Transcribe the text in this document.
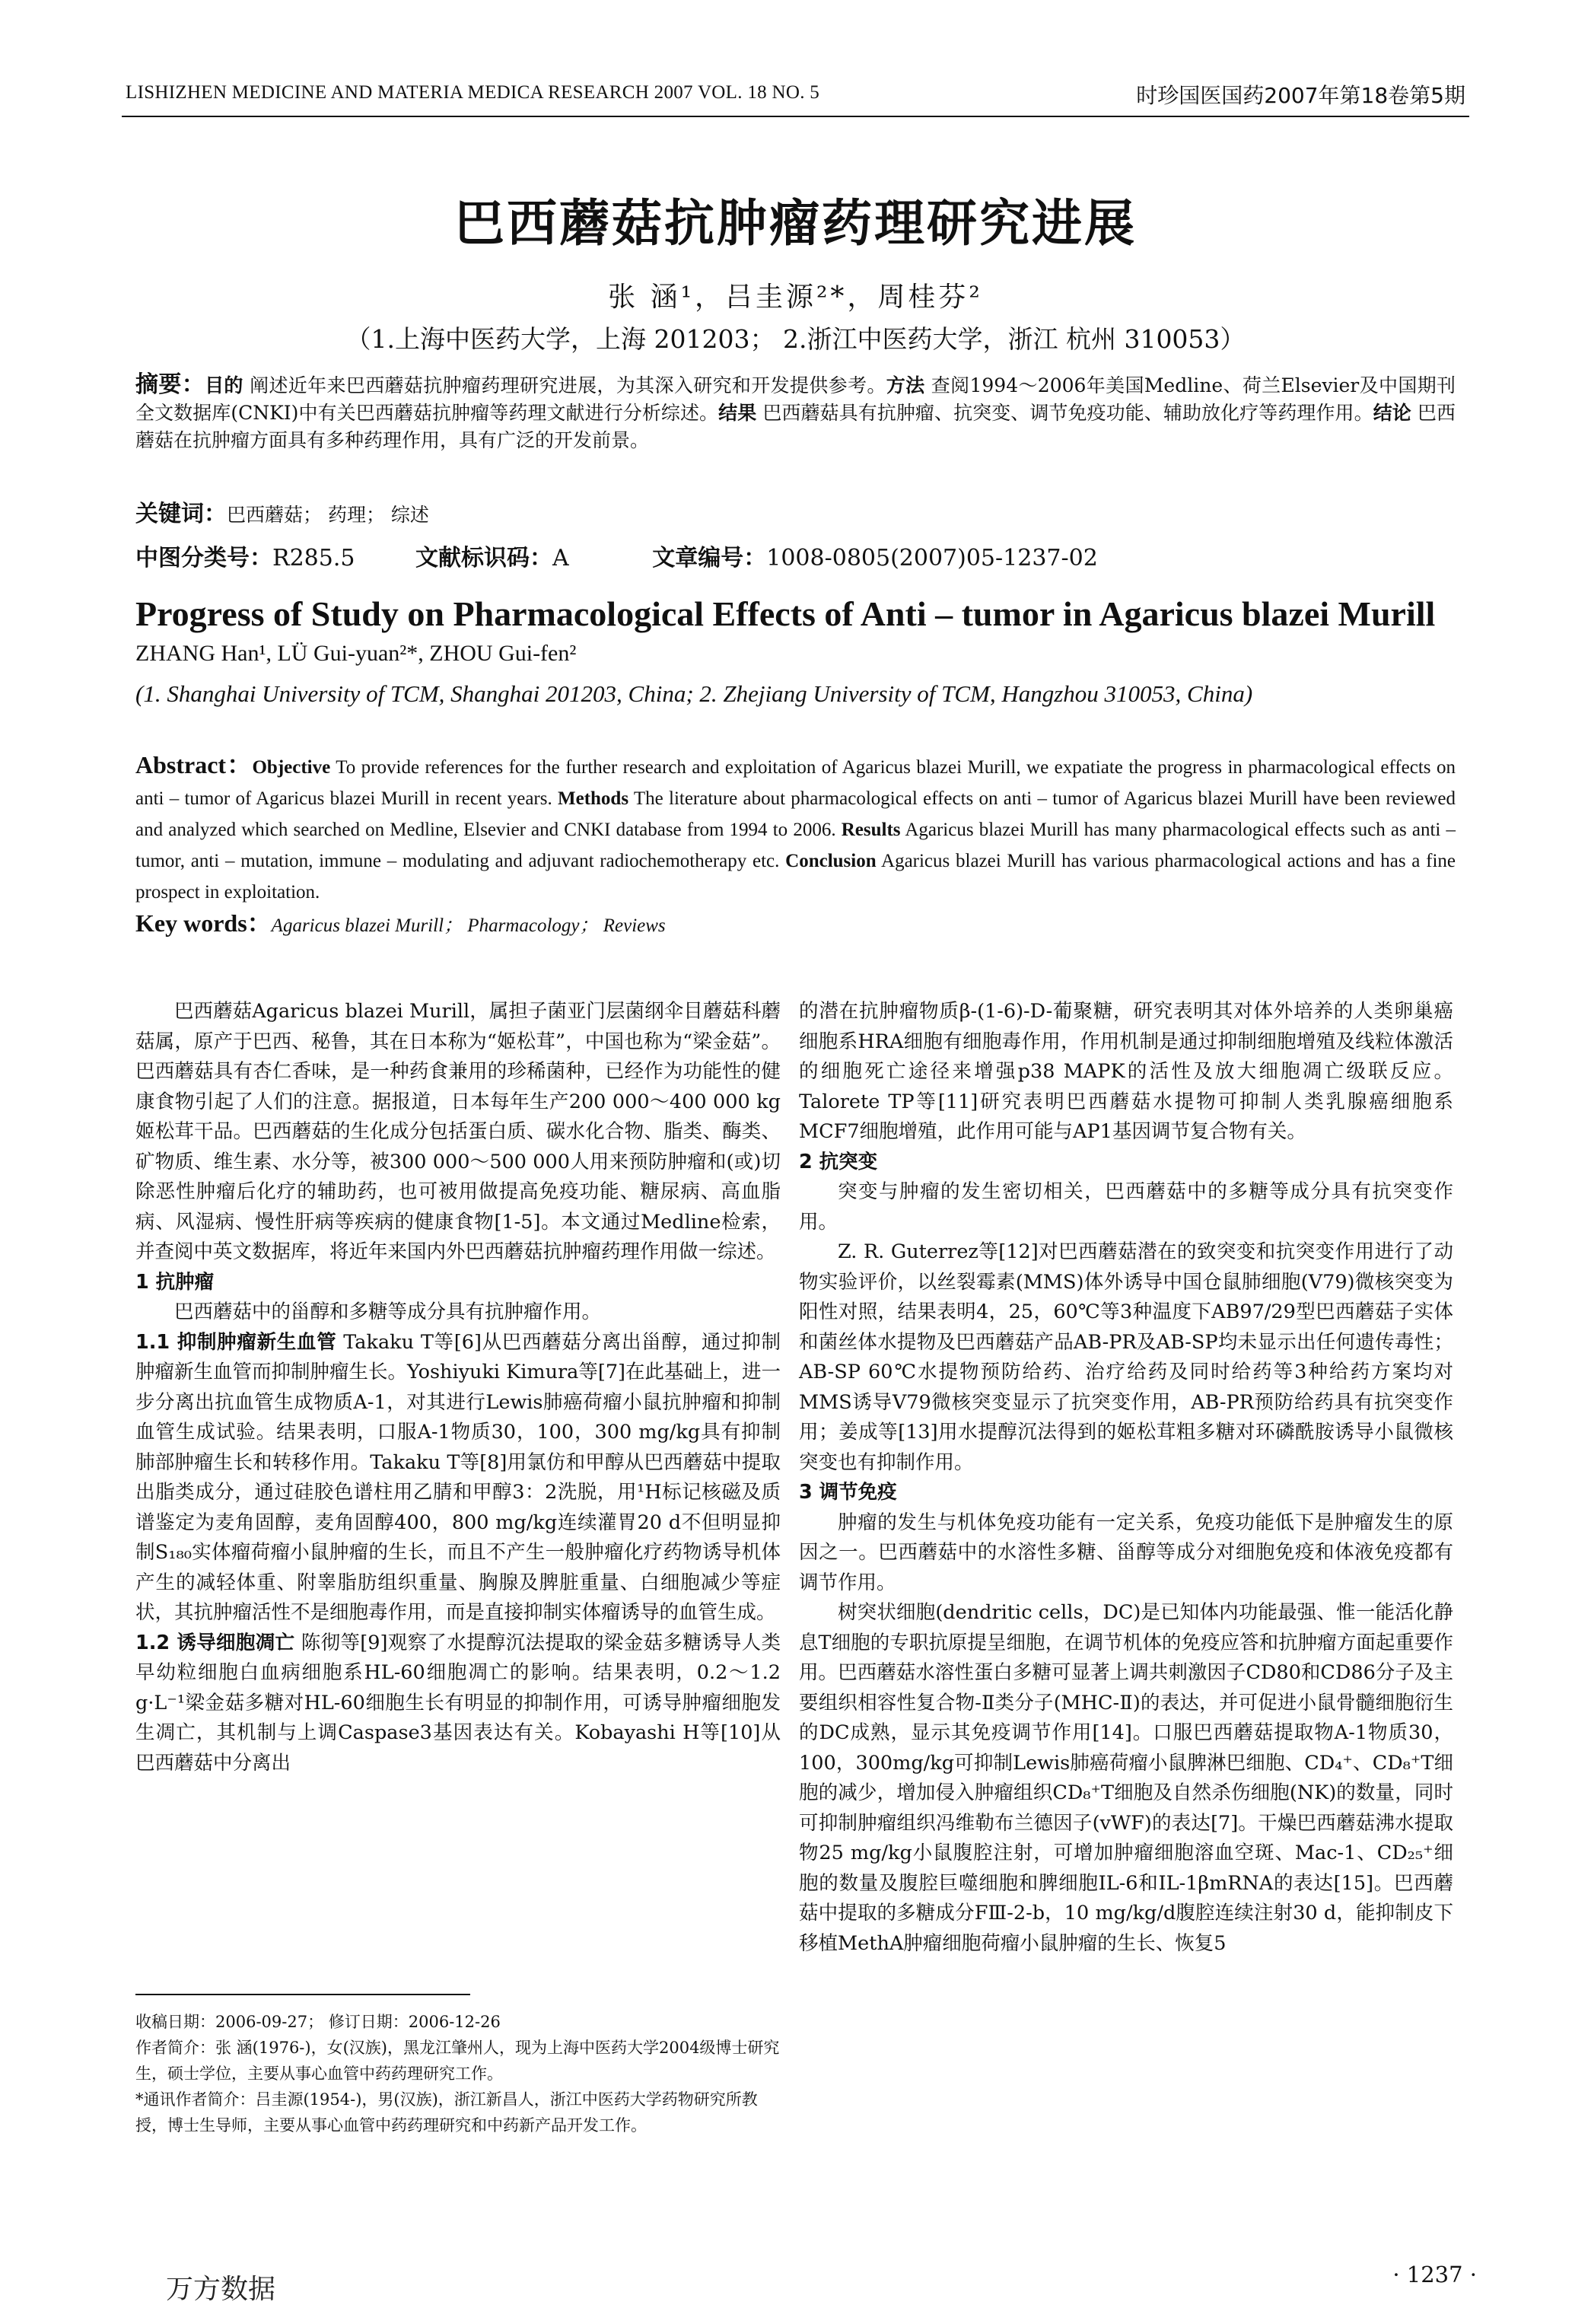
LISHIZHEN MEDICINE AND MATERIA MEDICA RESEARCH 2007 VOL. 18 NO. 5	时珍国医国药2007年第18卷第5期
巴西蘑菇抗肿瘤药理研究进展
张 涵¹，吕圭源²*，周桂芬²
（1.上海中医药大学，上海 201203； 2.浙江中医药大学，浙江 杭州 310053）
摘要：目的 阐述近年来巴西蘑菇抗肿瘤药理研究进展，为其深入研究和开发提供参考。方法 查阅1994～2006年美国Medline、荷兰Elsevier及中国期刊全文数据库(CNKI)中有关巴西蘑菇抗肿瘤等药理文献进行分析综述。结果 巴西蘑菇具有抗肿瘤、抗突变、调节免疫功能、辅助放化疗等药理作用。结论 巴西蘑菇在抗肿瘤方面具有多种药理作用，具有广泛的开发前景。
关键词：巴西蘑菇； 药理； 综述
中图分类号：R285.5	文献标识码：A	文章编号：1008-0805(2007)05-1237-02
Progress of Study on Pharmacological Effects of Anti – tumor in Agaricus blazei Murill
ZHANG Han¹, LÜ Gui-yuan²*, ZHOU Gui-fen²
(1. Shanghai University of TCM, Shanghai 201203, China; 2. Zhejiang University of TCM, Hangzhou 310053, China)
Abstract：Objective To provide references for the further research and exploitation of Agaricus blazei Murill, we expatiate the progress in pharmacological effects on anti – tumor of Agaricus blazei Murill in recent years. Methods The literature about pharmacological effects on anti – tumor of Agaricus blazei Murill have been reviewed and analyzed which searched on Medline, Elsevier and CNKI database from 1994 to 2006. Results Agaricus blazei Murill has many pharmacological effects such as anti – tumor, anti – mutation, immune – modulating and adjuvant radiochemotherapy etc. Conclusion Agaricus blazei Murill has various pharmacological actions and has a fine prospect in exploitation.
Key words：Agaricus blazei Murill； Pharmacology； Reviews

巴西蘑菇Agaricus blazei Murill，属担子菌亚门层菌纲伞目蘑菇科蘑菇属，原产于巴西、秘鲁，其在日本称为“姬松茸”，中国也称为“梁金菇”。巴西蘑菇具有杏仁香味，是一种药食兼用的珍稀菌种，已经作为功能性的健康食物引起了人们的注意。据报道，日本每年生产200 000～400 000 kg姬松茸干品。巴西蘑菇的生化成分包括蛋白质、碳水化合物、脂类、酶类、矿物质、维生素、水分等，被300 000～500 000人用来预防肿瘤和(或)切除恶性肿瘤后化疗的辅助药，也可被用做提高免疫功能、糖尿病、高血脂病、风湿病、慢性肝病等疾病的健康食物[1-5]。本文通过Medline检索，并查阅中英文数据库，将近年来国内外巴西蘑菇抗肿瘤药理作用做一综述。

1 抗肿瘤

巴西蘑菇中的甾醇和多糖等成分具有抗肿瘤作用。

1.1 抑制肿瘤新生血管 Takaku T等[6]从巴西蘑菇分离出甾醇，通过抑制肿瘤新生血管而抑制肿瘤生长。Yoshiyuki Kimura等[7]在此基础上，进一步分离出抗血管生成物质A-1，对其进行Lewis肺癌荷瘤小鼠抗肿瘤和抑制血管生成试验。结果表明，口服A-1物质30，100，300 mg/kg具有抑制肺部肿瘤生长和转移作用。Takaku T等[8]用氯仿和甲醇从巴西蘑菇中提取出脂类成分，通过硅胶色谱柱用乙腈和甲醇3：2洗脱，用¹H标记核磁及质谱鉴定为麦角固醇，麦角固醇400，800 mg/kg连续灌胃20 d不但明显抑制S₁₈₀实体瘤荷瘤小鼠肿瘤的生长，而且不产生一般肿瘤化疗药物诱导机体产生的减轻体重、附睾脂肪组织重量、胸腺及脾脏重量、白细胞减少等症状，其抗肿瘤活性不是细胞毒作用，而是直接抑制实体瘤诱导的血管生成。
1.2 诱导细胞凋亡 陈彻等[9]观察了水提醇沉法提取的梁金菇多糖诱导人类早幼粒细胞白血病细胞系HL-60细胞凋亡的影响。结果表明，0.2～1.2 g·L⁻¹梁金菇多糖对HL-60细胞生长有明显的抑制作用，可诱导肿瘤细胞发生凋亡，其机制与上调Caspase3基因表达有关。Kobayashi H等[10]从巴西蘑菇中分离出
的潜在抗肿瘤物质β-(1-6)-D-葡聚糖，研究表明其对体外培养的人类卵巢癌细胞系HRA细胞有细胞毒作用，作用机制是通过抑制细胞增殖及线粒体激活的细胞死亡途径来增强p38 MAPK的活性及放大细胞凋亡级联反应。Talorete TP等[11]研究表明巴西蘑菇水提物可抑制人类乳腺癌细胞系MCF7细胞增殖，此作用可能与AP1基因调节复合物有关。
2 抗突变

突变与肿瘤的发生密切相关，巴西蘑菇中的多糖等成分具有抗突变作用。

Z. R. Guterrez等[12]对巴西蘑菇潜在的致突变和抗突变作用进行了动物实验评价，以丝裂霉素(MMS)体外诱导中国仓鼠肺细胞(V79)微核突变为阳性对照，结果表明4，25，60℃等3种温度下AB97/29型巴西蘑菇子实体和菌丝体水提物及巴西蘑菇产品AB-PR及AB-SP均未显示出任何遗传毒性；AB-SP 60℃水提物预防给药、治疗给药及同时给药等3种给药方案均对MMS诱导V79微核突变显示了抗突变作用，AB-PR预防给药具有抗突变作用；姜成等[13]用水提醇沉法得到的姬松茸粗多糖对环磷酰胺诱导小鼠微核突变也有抑制作用。

3 调节免疫

肿瘤的发生与机体免疫功能有一定关系，免疫功能低下是肿瘤发生的原因之一。巴西蘑菇中的水溶性多糖、甾醇等成分对细胞免疫和体液免疫都有调节作用。

树突状细胞(dendritic cells，DC)是已知体内功能最强、惟一能活化静息T细胞的专职抗原提呈细胞，在调节机体的免疫应答和抗肿瘤方面起重要作用。巴西蘑菇水溶性蛋白多糖可显著上调共刺激因子CD80和CD86分子及主要组织相容性复合物-Ⅱ类分子(MHC-Ⅱ)的表达，并可促进小鼠骨髓细胞衍生的DC成熟，显示其免疫调节作用[14]。口服巴西蘑菇提取物A-1物质30，100，300mg/kg可抑制Lewis肺癌荷瘤小鼠脾淋巴细胞、CD₄⁺、CD₈⁺T细胞的减少，增加侵入肿瘤组织CD₈⁺T细胞及自然杀伤细胞(NK)的数量，同时可抑制肿瘤组织冯维勒布兰德因子(vWF)的表达[7]。干燥巴西蘑菇沸水提取物25 mg/kg小鼠腹腔注射，可增加肿瘤细胞溶血空斑、Mac-1、CD₂₅⁺细胞的数量及腹腔巨噬细胞和脾细胞IL-6和IL-1βmRNA的表达[15]。巴西蘑菇中提取的多糖成分FⅢ-2-b，10 mg/kg/d腹腔连续注射30 d，能抑制皮下移植MethA肿瘤细胞荷瘤小鼠肿瘤的生长、恢复5

收稿日期：2006-09-27； 修订日期：2006-12-26
作者简介：张 涵(1976-)，女(汉族)，黑龙江肇州人，现为上海中医药大学2004级博士研究生，硕士学位，主要从事心血管中药药理研究工作。
*通讯作者简介：吕圭源(1954-)，男(汉族)，浙江新昌人，浙江中医药大学药物研究所教授，博士生导师，主要从事心血管中药药理研究和中药新产品开发工作。
· 1237 ·
万方数据
